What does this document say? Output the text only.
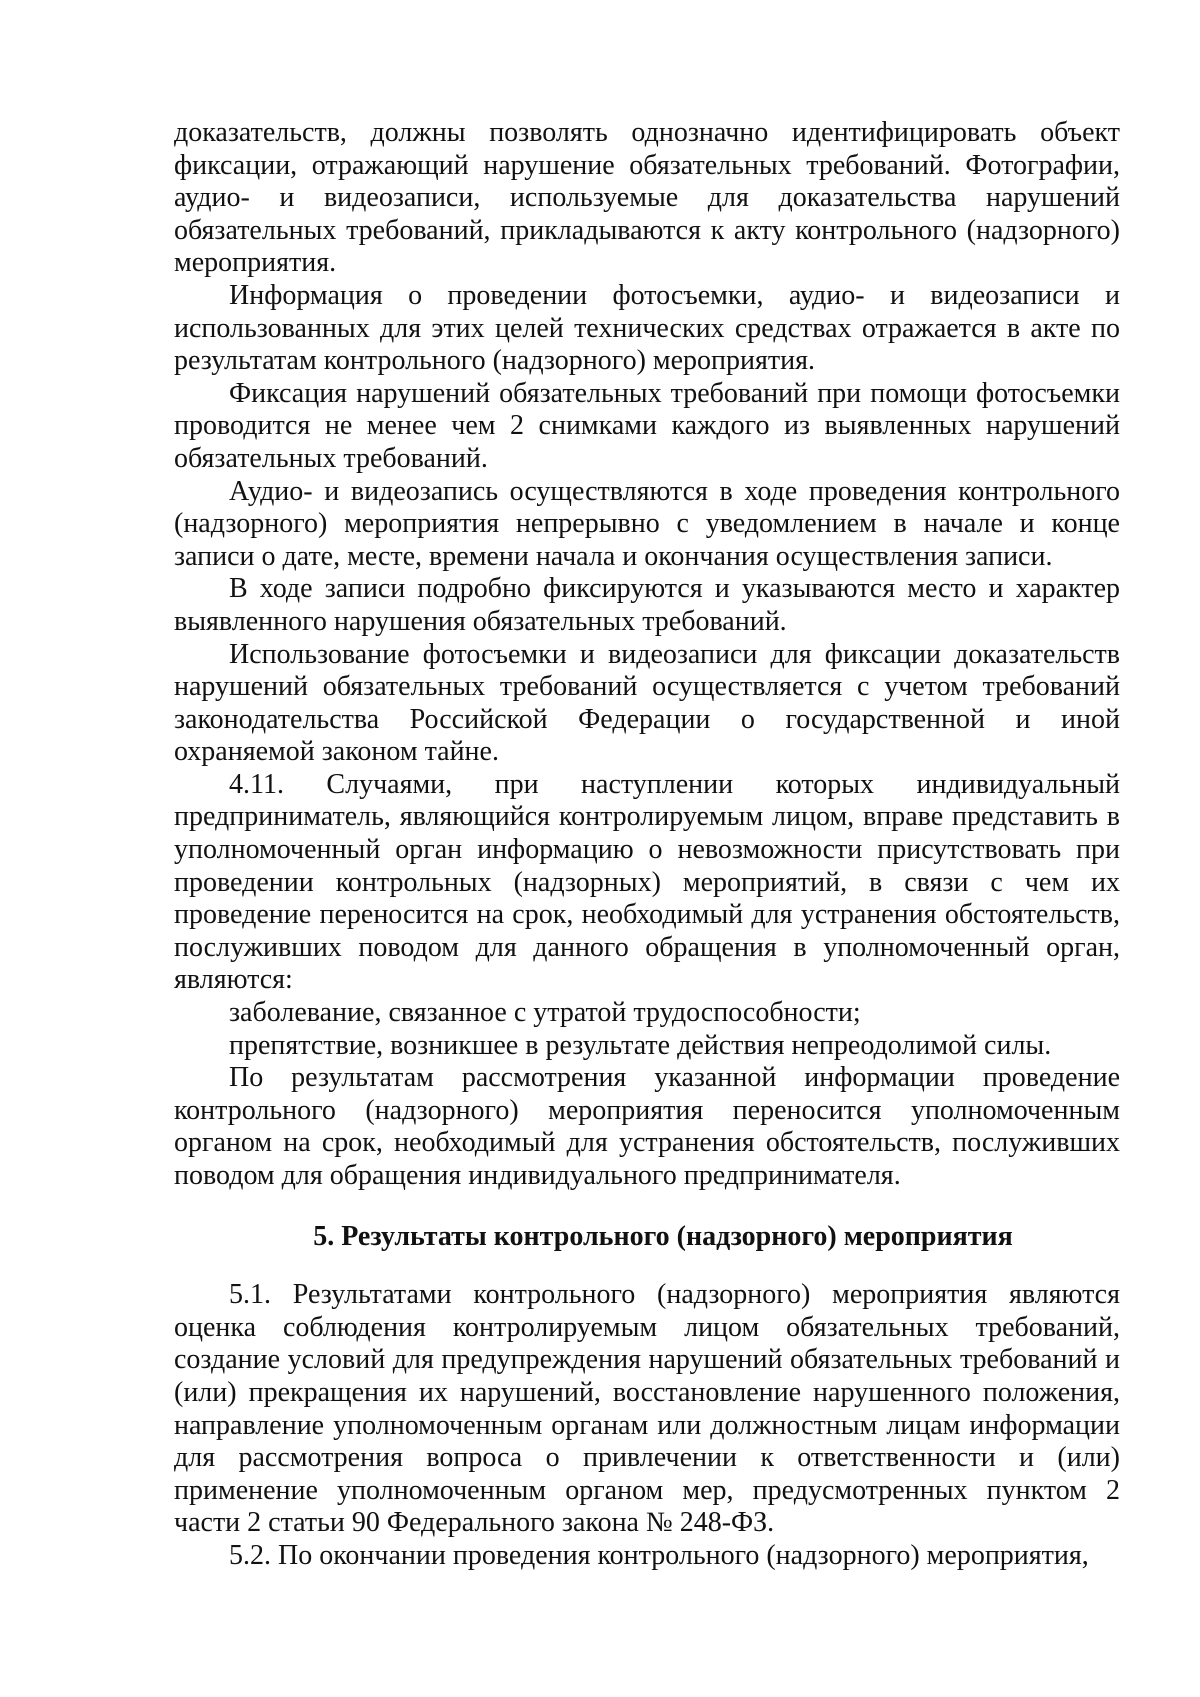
доказательств, должны позволять однозначно идентифицировать объект фиксации, отражающий нарушение обязательных требований. Фотографии, аудио- и видеозаписи, используемые для доказательства нарушений обязательных требований, прикладываются к акту контрольного (надзорного) мероприятия.

Информация о проведении фотосъемки, аудио- и видеозаписи и использованных для этих целей технических средствах отражается в акте по результатам контрольного (надзорного) мероприятия.

Фиксация нарушений обязательных требований при помощи фотосъемки проводится не менее чем 2 снимками каждого из выявленных нарушений обязательных требований.

Аудио- и видеозапись осуществляются в ходе проведения контрольного (надзорного) мероприятия непрерывно с уведомлением в начале и конце записи о дате, месте, времени начала и окончания осуществления записи.

В ходе записи подробно фиксируются и указываются место и характер выявленного нарушения обязательных требований.

Использование фотосъемки и видеозаписи для фиксации доказательств нарушений обязательных требований осуществляется с учетом требований законодательства Российской Федерации о государственной и иной охраняемой законом тайне.

4.11. Случаями, при наступлении которых индивидуальный предприниматель, являющийся контролируемым лицом, вправе представить в уполномоченный орган информацию о невозможности присутствовать при проведении контрольных (надзорных) мероприятий, в связи с чем их проведение переносится на срок, необходимый для устранения обстоятельств, послуживших поводом для данного обращения в уполномоченный орган, являются:

заболевание, связанное с утратой трудоспособности;

препятствие, возникшее в результате действия непреодолимой силы.

По результатам рассмотрения указанной информации проведение контрольного (надзорного) мероприятия переносится уполномоченным органом на срок, необходимый для устранения обстоятельств, послуживших поводом для обращения индивидуального предпринимателя.

5. Результаты контрольного (надзорного) мероприятия

5.1. Результатами контрольного (надзорного) мероприятия являются оценка соблюдения контролируемым лицом обязательных требований, создание условий для предупреждения нарушений обязательных требований и (или) прекращения их нарушений, восстановление нарушенного положения, направление уполномоченным органам или должностным лицам информации для рассмотрения вопроса о привлечении к ответственности и (или) применение уполномоченным органом мер, предусмотренных пунктом 2 части 2 статьи 90 Федерального закона № 248-ФЗ.

5.2. По окончании проведения контрольного (надзорного) мероприятия,
